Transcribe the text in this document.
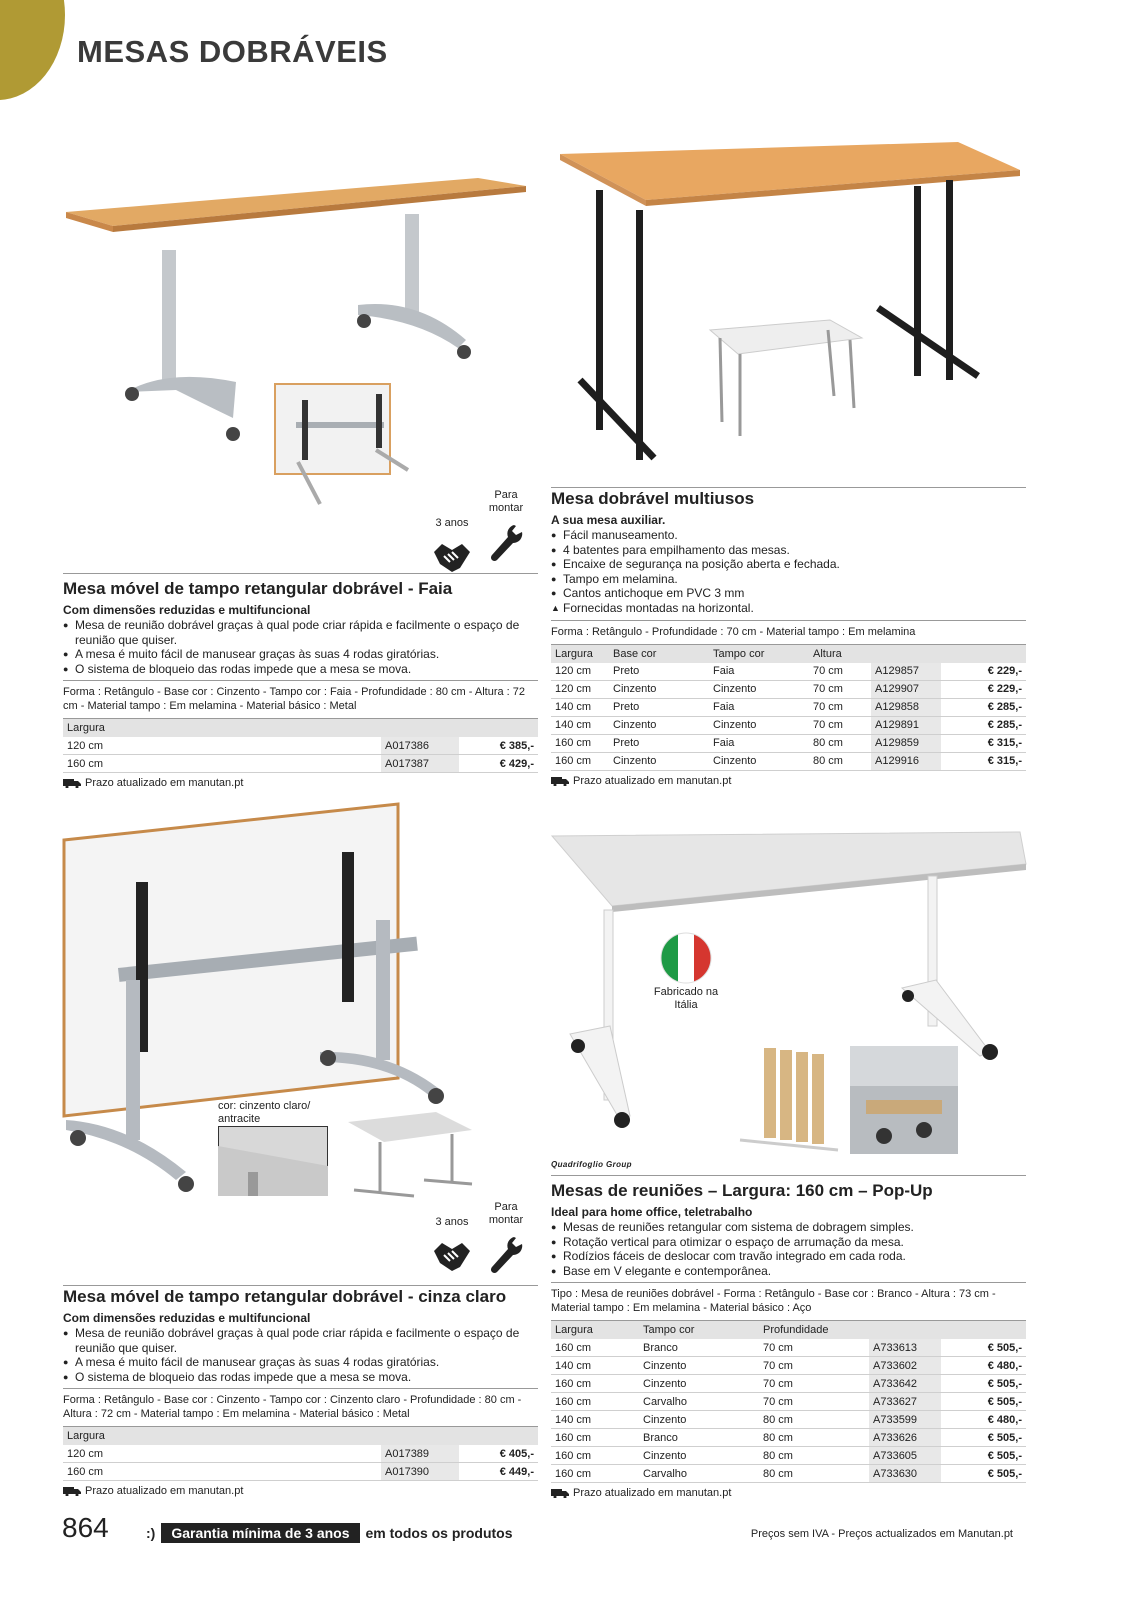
MESAS DOBRÁVEIS
3 anos
Para montar
Mesa móvel de tampo retangular dobrável - Faia
Com dimensões reduzidas e multifuncional
● Mesa de reunião dobrável graças à qual pode criar rápida e facilmente o espaço de reunião que quiser.
● A mesa é muito fácil de manusear graças às suas 4 rodas giratórias.
● O sistema de bloqueio das rodas impede que a mesa se mova.
Forma : Retângulo - Base cor : Cinzento - Tampo cor : Faia - Profundidade : 80 cm - Altura : 72 cm - Material tampo : Em melamina - Material básico : Metal
Largura		
120 cm	A017386	€ 385,-
160 cm	A017387	€ 429,-
Prazo atualizado em manutan.pt
Mesa dobrável multiusos
A sua mesa auxiliar.
● Fácil manuseamento.
● 4 batentes para empilhamento das mesas.
● Encaixe de segurança na posição aberta e fechada.
● Tampo em melamina.
● Cantos antichoque em PVC 3 mm
▲ Fornecidas montadas na horizontal.
Forma : Retângulo - Profundidade : 70 cm - Material tampo : Em melamina
Largura	Base cor	Tampo cor	Altura		
120 cm	Preto	Faia	70 cm	A129857	€ 229,-
120 cm	Cinzento	Cinzento	70 cm	A129907	€ 229,-
140 cm	Preto	Faia	70 cm	A129858	€ 285,-
140 cm	Cinzento	Cinzento	70 cm	A129891	€ 285,-
160 cm	Preto	Faia	80 cm	A129859	€ 315,-
160 cm	Cinzento	Cinzento	80 cm	A129916	€ 315,-
Prazo atualizado em manutan.pt
cor: cinzento claro/ antracite
3 anos
Para montar
Mesa móvel de tampo retangular dobrável - cinza claro
Com dimensões reduzidas e multifuncional
● Mesa de reunião dobrável graças à qual pode criar rápida e facilmente o espaço de reunião que quiser.
● A mesa é muito fácil de manusear graças às suas 4 rodas giratórias.
● O sistema de bloqueio das rodas impede que a mesa se mova.
Forma : Retângulo - Base cor : Cinzento - Tampo cor : Cinzento claro - Profundidade : 80 cm - Altura : 72 cm - Material tampo : Em melamina - Material básico : Metal
Largura		
120 cm	A017389	€ 405,-
160 cm	A017390	€ 449,-
Prazo atualizado em manutan.pt
Fabricado na Itália
Quadrifoglio Group
Mesas de reuniões – Largura: 160 cm – Pop-Up
Ideal para home office, teletrabalho
● Mesas de reuniões retangular com sistema de dobragem simples.
● Rotação vertical para otimizar o espaço de arrumação da mesa.
● Rodízios fáceis de deslocar com travão integrado em cada roda.
● Base em V elegante e contemporânea.
Tipo : Mesa de reuniões dobrável - Forma : Retângulo - Base cor : Branco - Altura : 73 cm - Material tampo : Em melamina - Material básico : Aço
Largura	Tampo cor	Profundidade		
160 cm	Branco	70 cm	A733613	€ 505,-
140 cm	Cinzento	70 cm	A733602	€ 480,-
160 cm	Cinzento	70 cm	A733642	€ 505,-
160 cm	Carvalho	70 cm	A733627	€ 505,-
140 cm	Cinzento	80 cm	A733599	€ 480,-
160 cm	Branco	80 cm	A733626	€ 505,-
160 cm	Cinzento	80 cm	A733605	€ 505,-
160 cm	Carvalho	80 cm	A733630	€ 505,-
Prazo atualizado em manutan.pt
864	:)	Garantia mínima de 3 anos	em todos os produtos	Preços sem IVA - Preços actualizados em Manutan.pt
